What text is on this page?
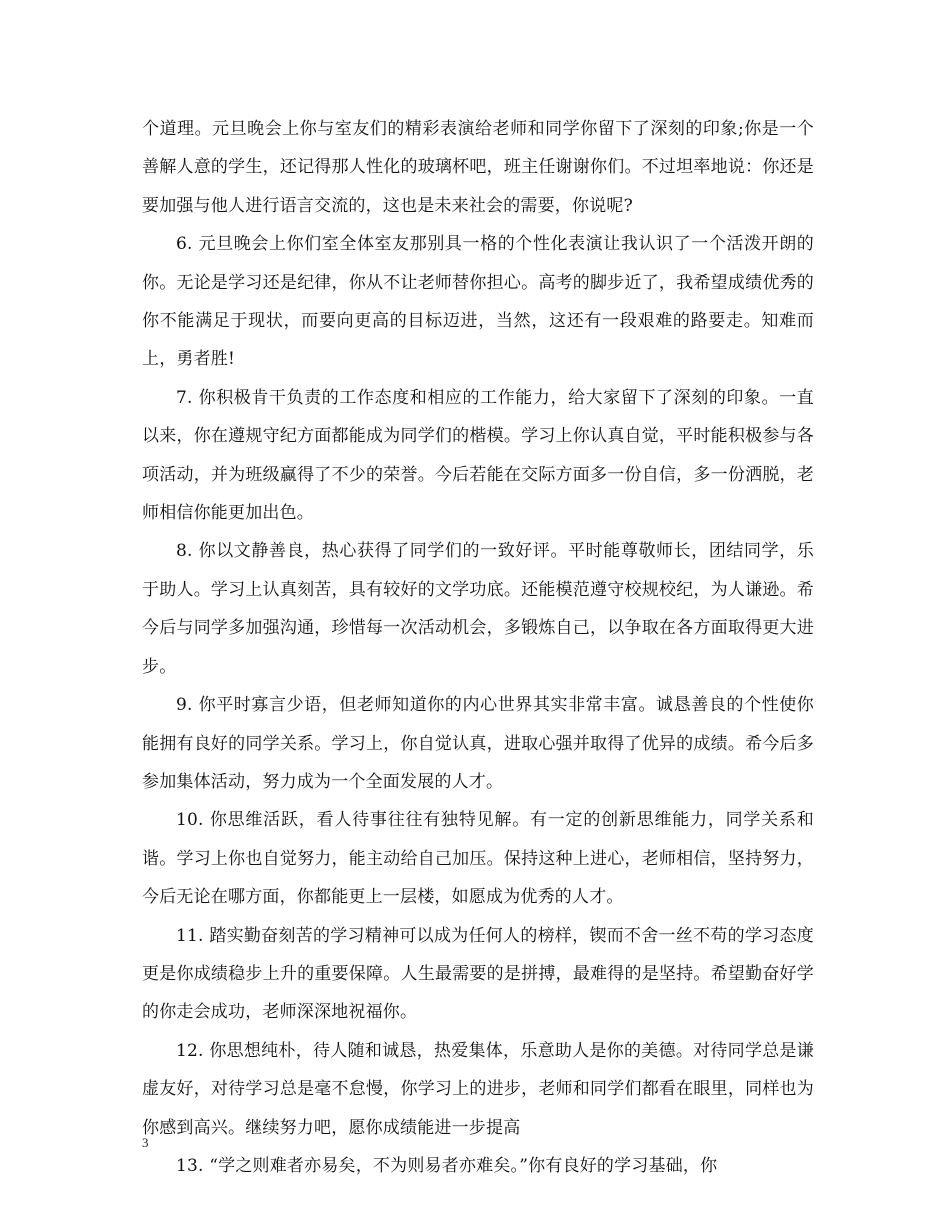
个道理。元旦晚会上你与室友们的精彩表演给老师和同学你留下了深刻的印象;你是一个善解人意的学生，还记得那人性化的玻璃杯吧，班主任谢谢你们。不过坦率地说：你还是要加强与他人进行语言交流的，这也是未来社会的需要，你说呢?

6. 元旦晚会上你们室全体室友那别具一格的个性化表演让我认识了一个活泼开朗的你。无论是学习还是纪律，你从不让老师替你担心。高考的脚步近了，我希望成绩优秀的你不能满足于现状，而要向更高的目标迈进，当然，这还有一段艰难的路要走。知难而上，勇者胜!

7. 你积极肯干负责的工作态度和相应的工作能力，给大家留下了深刻的印象。一直以来，你在遵规守纪方面都能成为同学们的楷模。学习上你认真自觉，平时能积极参与各项活动，并为班级赢得了不少的荣誉。今后若能在交际方面多一份自信，多一份洒脱，老师相信你能更加出色。

8. 你以文静善良，热心获得了同学们的一致好评。平时能尊敬师长，团结同学，乐于助人。学习上认真刻苦，具有较好的文学功底。还能模范遵守校规校纪，为人谦逊。希今后与同学多加强沟通，珍惜每一次活动机会，多锻炼自己，以争取在各方面取得更大进步。

9. 你平时寡言少语，但老师知道你的内心世界其实非常丰富。诚恳善良的个性使你能拥有良好的同学关系。学习上，你自觉认真，进取心强并取得了优异的成绩。希今后多参加集体活动，努力成为一个全面发展的人才。

10. 你思维活跃，看人待事往往有独特见解。有一定的创新思维能力，同学关系和谐。学习上你也自觉努力，能主动给自己加压。保持这种上进心，老师相信，坚持努力，今后无论在哪方面，你都能更上一层楼，如愿成为优秀的人才。

11. 踏实勤奋刻苦的学习精神可以成为任何人的榜样，锲而不舍一丝不苟的学习态度更是你成绩稳步上升的重要保障。人生最需要的是拼搏，最难得的是坚持。希望勤奋好学的你走会成功，老师深深地祝福你。

12. 你思想纯朴，待人随和诚恳，热爱集体，乐意助人是你的美德。对待同学总是谦虚友好，对待学习总是毫不怠慢，你学习上的进步，老师和同学们都看在眼里，同样也为你感到高兴。继续努力吧，愿你成绩能进一步提高

13. “学之则难者亦易矣，不为则易者亦难矣。”你有良好的学习基础，你

3
